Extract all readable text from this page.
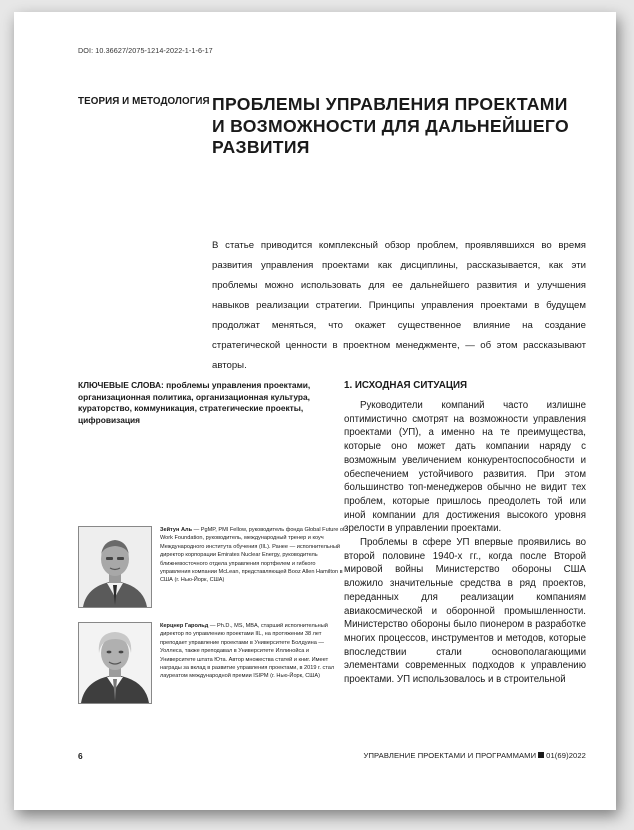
DOI: 10.36627/2075-1214-2022-1-1-6-17
ТЕОРИЯ И МЕТОДОЛОГИЯ ПРОБЛЕМЫ УПРАВЛЕНИЯ ПРОЕКТАМИ И ВОЗМОЖНОСТИ ДЛЯ ДАЛЬНЕЙШЕГО РАЗВИТИЯ
В статье приводится комплексный обзор проблем, проявлявшихся во время развития управления проектами как дисциплины, рассказывается, как эти проблемы можно использовать для ее дальнейшего развития и улучшения навыков реализации стратегии. Принципы управления проектами в будущем продолжат меняться, что окажет существенное влияние на создание стратегической ценности в проектном менеджменте, — об этом рассказывают авторы.
КЛЮЧЕВЫЕ СЛОВА: проблемы управления проектами, организационная политика, организационная культура, кураторство, коммуникация, стратегические проекты, цифровизация
Зейтун Аль — PgMP, PMI Fellow, руководитель фонда Global Future of Work Foundation, руководитель, международный тренер и коуч Международного института обучения (IIL). Ранее — исполнительный директор корпорации Emirates Nuclear Energy, руководитель ближневосточного отдела управления портфелем и гибкого управления компании McLean, представляющей Booz Allen Hamilton в США (г. Нью-Йорк, США)
Керцнер Гарольд — Ph.D., MS, MBA, старший исполнительный директор по управлению проектами IIL, на протяжении 38 лет преподает управление проектами в Университете Болдуина — Уоллеса, также преподавал в Университете Иллинойса и Университете штата Юта. Автор множества статей и книг. Имеет награды за вклад в развитие управления проектами, в 2019 г. стал лауреатом международной премии ISIPM (г. Нью-Йорк, США)
1. ИСХОДНАЯ СИТУАЦИЯ

Руководители компаний часто излишне оптимистично смотрят на возможности управления проектами (УП), а именно на те преимущества, которые оно может дать компании наряду с возможным увеличением конкурентоспособности и обеспечением устойчивого развития. При этом большинство топ-менеджеров обычно не видит тех проблем, которые пришлось преодолеть той или иной компании для достижения высокого уровня зрелости в управлении проектами.

Проблемы в сфере УП впервые проявились во второй половине 1940-х гг., когда после Второй мировой войны Министерство обороны США вложило значительные средства в ряд проектов, переданных для реализации компаниям авиакосмической и оборонной промышленности. Министерство обороны было пионером в разработке многих процессов, инструментов и методов, которые впоследствии стали основополагающими элементами современных подходов к управлению проектами. УП использовалось и в строительной

6	УПРАВЛЕНИЕ ПРОЕКТАМИ И ПРОГРАММАМИ 01(69)2022
